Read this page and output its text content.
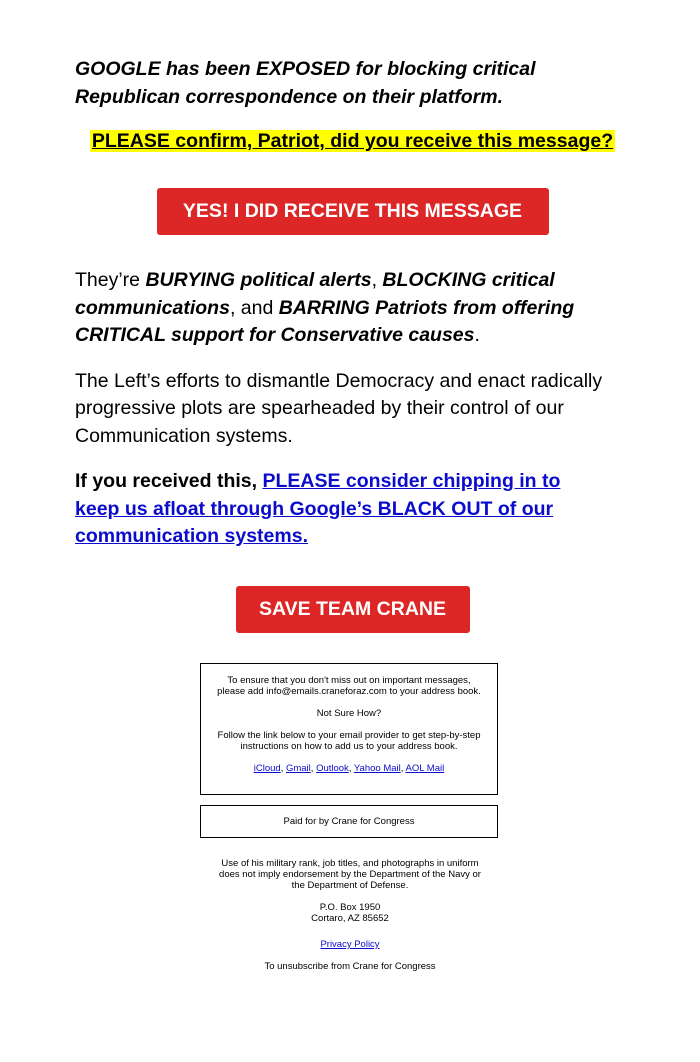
GOOGLE has been EXPOSED for blocking critical Republican correspondence on their platform.

PLEASE confirm, Patriot, did you receive this message?
YES! I DID RECEIVE THIS MESSAGE

They’re BURYING political alerts, BLOCKING critical communications, and BARRING Patriots from offering CRITICAL support for Conservative causes.

The Left’s efforts to dismantle Democracy and enact radically progressive plots are spearheaded by their control of our Communication systems.

If you received this, PLEASE consider chipping in to keep us afloat through Google’s BLACK OUT of our communication systems.

SAVE TEAM CRANE
To ensure that you don't miss out on important messages, please add info@emails.craneforaz.com to your address book.
Not Sure How?
Follow the link below to your email provider to get step-by-step instructions on how to add us to your address book.
iCloud, Gmail, Outlook, Yahoo Mail, AOL Mail
Paid for by Crane for Congress
Use of his military rank, job titles, and photographs in uniform does not imply endorsement by the Department of the Navy or the Department of Defense.
P.O. Box 1950
Cortaro, AZ 85652
Privacy Policy
To unsubscribe from Crane for Congress
